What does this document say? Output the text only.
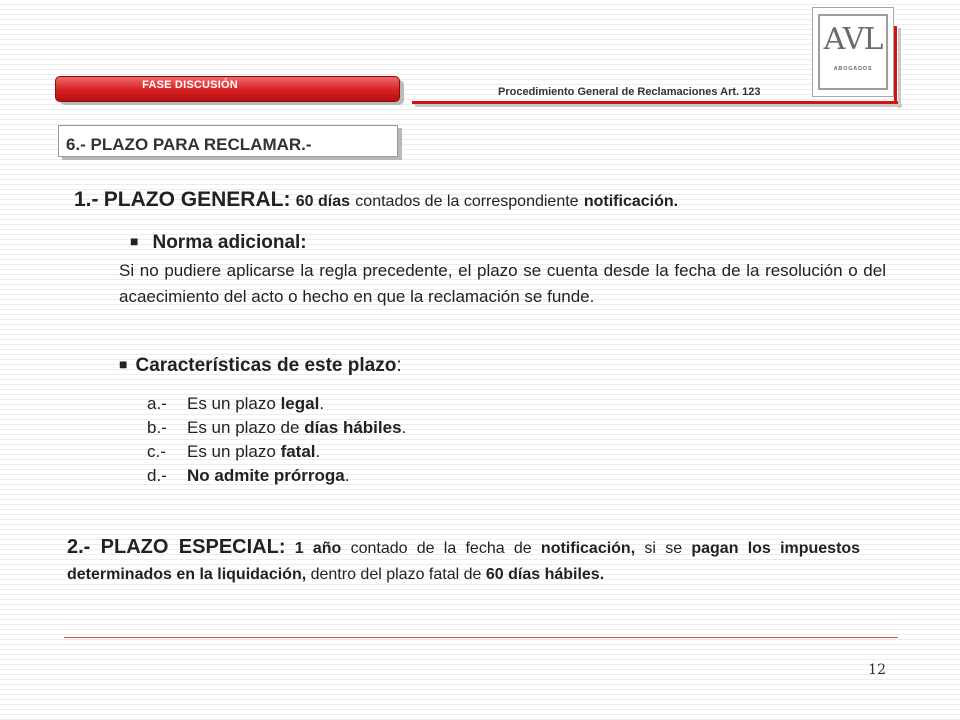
FASE DISCUSIÓN
Procedimiento General de Reclamaciones Art. 123
AVL
ABOGADOS
6.- PLAZO PARA RECLAMAR.-
1.- PLAZO GENERAL: 60 días contados de la correspondiente notificación.
■ Norma adicional:
Si no pudiere aplicarse la regla precedente, el plazo se cuenta desde la fecha de la resolución o del acaecimiento del acto o hecho en que la reclamación se funde.
■ Características de este plazo:
a.-	Es un plazo legal.
b.-	Es un plazo de días hábiles.
c.-	Es un plazo fatal.
d.-	No admite prórroga.
2.- PLAZO ESPECIAL: 1 año contado de la fecha de notificación, si se pagan los impuestos determinados en la liquidación, dentro del plazo fatal de 60 días hábiles.
12
